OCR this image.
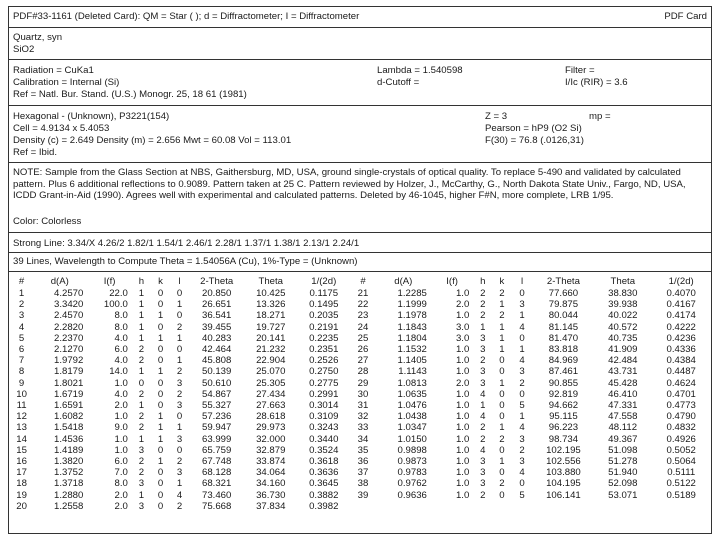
PDF#33-1161 (Deleted Card): QM = Star ( ); d = Diffractometer; I = Diffractometer	PDF Card
Quartz, syn
SiO2
Radiation = CuKa1	Lambda = 1.540598	Filter =
Calibration = Internal (Si)	d-Cutoff =	I/Ic (RIR) = 3.6
Ref = Natl. Bur. Stand. (U.S.) Monogr. 25, 18 61 (1981)
Hexagonal - (Unknown), P3221(154)	Z = 3	mp =
Cell = 4.9134 x 5.4053	Pearson = hP9 (O2 Si)
Density (c) = 2.649 Density (m) = 2.656 Mwt = 60.08 Vol = 113.01	F(30) = 76.8 (.0126,31)
Ref = Ibid.
NOTE: Sample from the Glass Section at NBS, Gaithersburg, MD, USA, ground single-crystals of optical quality. To replace 5-490 and validated by calculated pattern. Plus 6 additional reflections to 0.9089. Pattern taken at 25 C. Pattern reviewed by Holzer, J., McCarthy, G., North Dakota State Univ., Fargo, ND, USA, ICDD Grant-in-Aid (1990). Agrees well with experimental and calculated patterns. Deleted by 46-1045, higher F#N, more complete, LRB 1/95.
Color: Colorless
Strong Line: 3.34/X 4.26/2 1.82/1 1.54/1 2.46/1 2.28/1 1.37/1 1.38/1 2.13/1 2.24/1
39 Lines, Wavelength to Compute Theta = 1.54056A (Cu), 1%-Type = (Unknown)
#	d(A)	I(f)	h	k	l	2-Theta	Theta	1/(2d)	#	d(A)	I(f)	h	k	l	2-Theta	Theta	1/(2d)
1	4.2570	22.0	1	0	0	20.850	10.425	0.1175	21	1.2285	1.0	2	2	0	77.660	38.830	0.4070
2	3.3420	100.0	1	0	1	26.651	13.326	0.1495	22	1.1999	2.0	2	1	3	79.875	39.938	0.4167
3	2.4570	8.0	1	1	0	36.541	18.271	0.2035	23	1.1978	1.0	2	2	1	80.044	40.022	0.4174
4	2.2820	8.0	1	0	2	39.455	19.727	0.2191	24	1.1843	3.0	1	1	4	81.145	40.572	0.4222
5	2.2370	4.0	1	1	1	40.283	20.141	0.2235	25	1.1804	3.0	3	1	0	81.470	40.735	0.4236
6	2.1270	6.0	2	0	0	42.464	21.232	0.2351	26	1.1532	1.0	3	1	1	83.818	41.909	0.4336
7	1.9792	4.0	2	0	1	45.808	22.904	0.2526	27	1.1405	1.0	2	0	4	84.969	42.484	0.4384
8	1.8179	14.0	1	1	2	50.139	25.070	0.2750	28	1.1143	1.0	3	0	3	87.461	43.731	0.4487
9	1.8021	1.0	0	0	3	50.610	25.305	0.2775	29	1.0813	2.0	3	1	2	90.855	45.428	0.4624
10	1.6719	4.0	2	0	2	54.867	27.434	0.2991	30	1.0635	1.0	4	0	0	92.819	46.410	0.4701
11	1.6591	2.0	1	0	3	55.327	27.663	0.3014	31	1.0476	1.0	1	0	5	94.662	47.331	0.4773
12	1.6082	1.0	2	1	0	57.236	28.618	0.3109	32	1.0438	1.0	4	0	1	95.115	47.558	0.4790
13	1.5418	9.0	2	1	1	59.947	29.973	0.3243	33	1.0347	1.0	2	1	4	96.223	48.112	0.4832
14	1.4536	1.0	1	1	3	63.999	32.000	0.3440	34	1.0150	1.0	2	2	3	98.734	49.367	0.4926
15	1.4189	1.0	3	0	0	65.759	32.879	0.3524	35	0.9898	1.0	4	0	2	102.195	51.098	0.5052
16	1.3820	6.0	2	1	2	67.748	33.874	0.3618	36	0.9873	1.0	3	1	3	102.556	51.278	0.5064
17	1.3752	7.0	2	0	3	68.128	34.064	0.3636	37	0.9783	1.0	3	0	4	103.880	51.940	0.5111
18	1.3718	8.0	3	0	1	68.321	34.160	0.3645	38	0.9762	1.0	3	2	0	104.195	52.098	0.5122
19	1.2880	2.0	1	0	4	73.460	36.730	0.3882	39	0.9636	1.0	2	0	5	106.141	53.071	0.5189
20	1.2558	2.0	3	0	2	75.668	37.834	0.3982									
